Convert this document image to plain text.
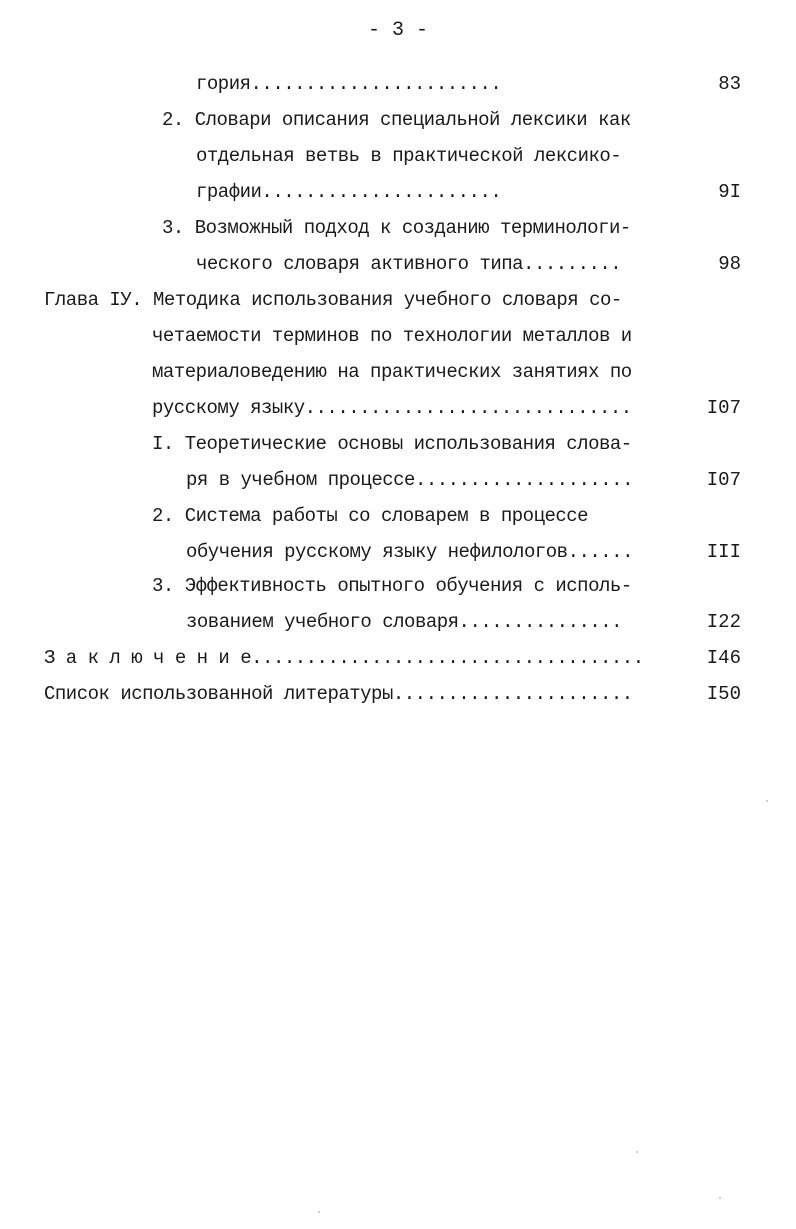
- 3 -
гория.......................	83
2. Словари описания специальной лексики как
отдельная ветвь в практической лексико-
графии......................	9I
3. Возможный подход к созданию терминологи-
ческого словаря активного типа.........	98
Глава IУ. Методика использования учебного словаря со-
четаемости терминов по технологии металлов и
материаловедению на практических занятиях по
русскому языку..............................	I07
I. Теоретические основы использования слова-
ря в учебном процессе....................	I07
2. Система работы со словарем в процессе
обучения русскому языку нефилологов......	III
3. Эффективность опытного обучения с исполь-
зованием учебного словаря...............	I22
З а к л ю ч е н и е....................................	I46
Список использованной литературы......................	I50
